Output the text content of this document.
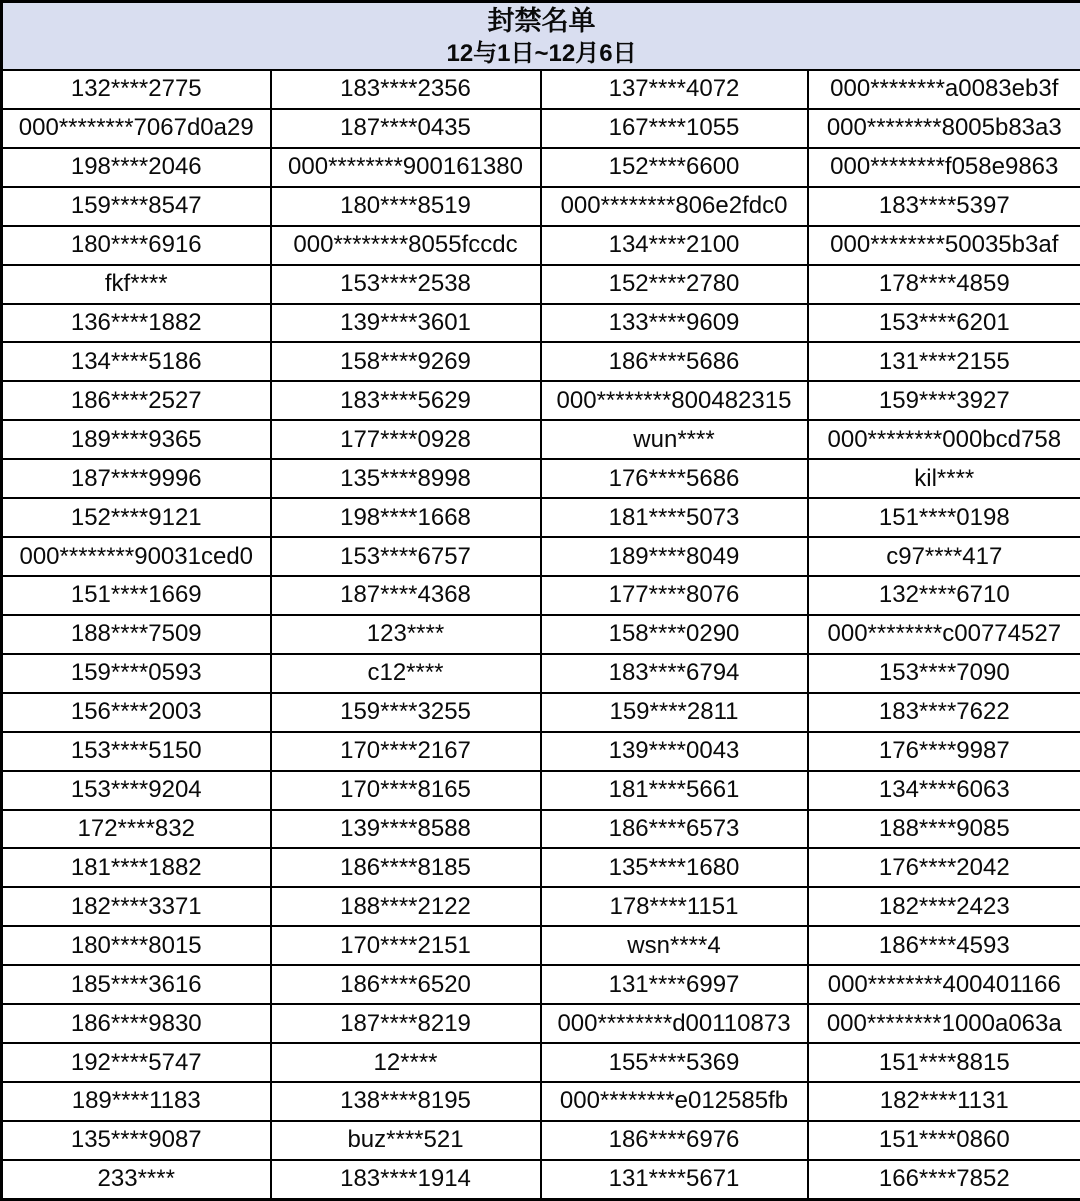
封禁名单
12与1日~12月6日			

132****2775	183****2356	137****4072	000********a0083eb3f
000********7067d0a29	187****0435	167****1055	000********8005b83a3
198****2046	000********900161380	152****6600	000********f058e9863
159****8547	180****8519	000********806e2fdc0	183****5397
180****6916	000********8055fccdc	134****2100	000********50035b3af
fkf****	153****2538	152****2780	178****4859
136****1882	139****3601	133****9609	153****6201
134****5186	158****9269	186****5686	131****2155
186****2527	183****5629	000********800482315	159****3927
189****9365	177****0928	wun****	000********000bcd758
187****9996	135****8998	176****5686	kil****
152****9121	198****1668	181****5073	151****0198
000********90031ced0	153****6757	189****8049	c97****417
151****1669	187****4368	177****8076	132****6710
188****7509	123****	158****0290	000********c00774527
159****0593	c12****	183****6794	153****7090
156****2003	159****3255	159****2811	183****7622
153****5150	170****2167	139****0043	176****9987
153****9204	170****8165	181****5661	134****6063
172****832	139****8588	186****6573	188****9085
181****1882	186****8185	135****1680	176****2042
182****3371	188****2122	178****1151	182****2423
180****8015	170****2151	wsn****4	186****4593
185****3616	186****6520	131****6997	000********400401166
186****9830	187****8219	000********d00110873	000********1000a063a
192****5747	12****	155****5369	151****8815
189****1183	138****8195	000********e012585fb	182****1131
135****9087	buz****521	186****6976	151****0860
233****	183****1914	131****5671	166****7852
